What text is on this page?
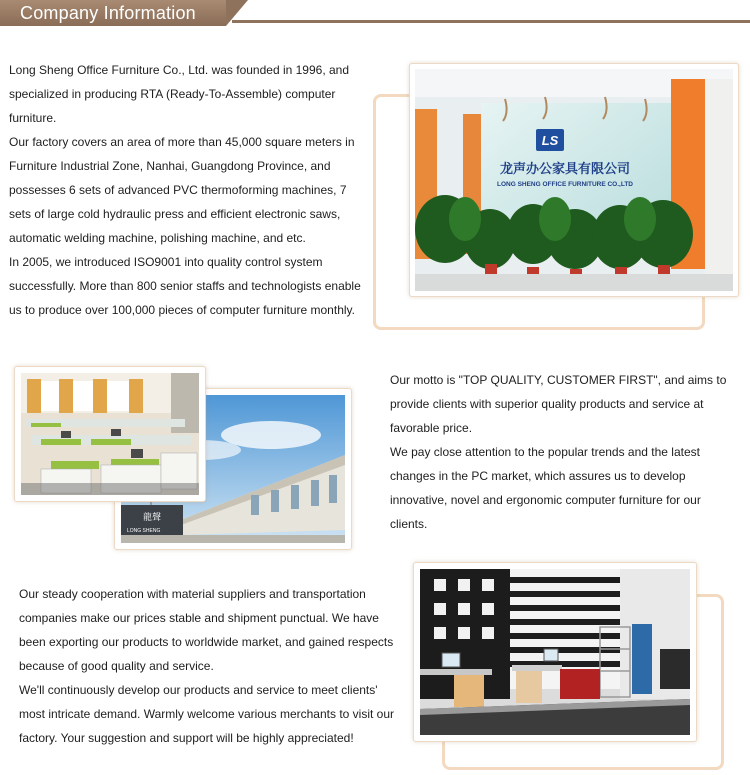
Company Information

Long Sheng Office Furniture Co., Ltd. was founded in 1996, and specialized in producing RTA (Ready-To-Assemble) computer furniture.

Our factory covers an area of more than 45,000 square meters in Furniture Industrial Zone, Nanhai, Guangdong Province, and possesses 6 sets of advanced PVC thermoforming machines, 7 sets of large cold hydraulic press and efficient electronic saws, automatic welding machine, polishing machine, and etc.

In 2005, we introduced ISO9001 into quality control system successfully. More than 800 senior staffs and technologists enable us to produce over 100,000 pieces of computer furniture monthly.

LS
龙声办公家具有限公司
LONG SHENG OFFICE FURNITURE CO.,LTD
龍聲
LONG SHENG

Our motto is "TOP QUALITY, CUSTOMER FIRST", and aims to provide clients with superior quality products and service at favorable price.

We pay close attention to the popular trends and the latest changes in the PC market, which assures us to develop innovative, novel and ergonomic computer furniture for our clients.

Our steady cooperation with material suppliers and transportation companies make our prices stable and shipment punctual. We have been exporting our products to worldwide market, and gained respects because of good quality and service.

We'll continuously develop our products and service to meet clients' most intricate demand. Warmly welcome various merchants to visit our factory. Your suggestion and support will be highly appreciated!
